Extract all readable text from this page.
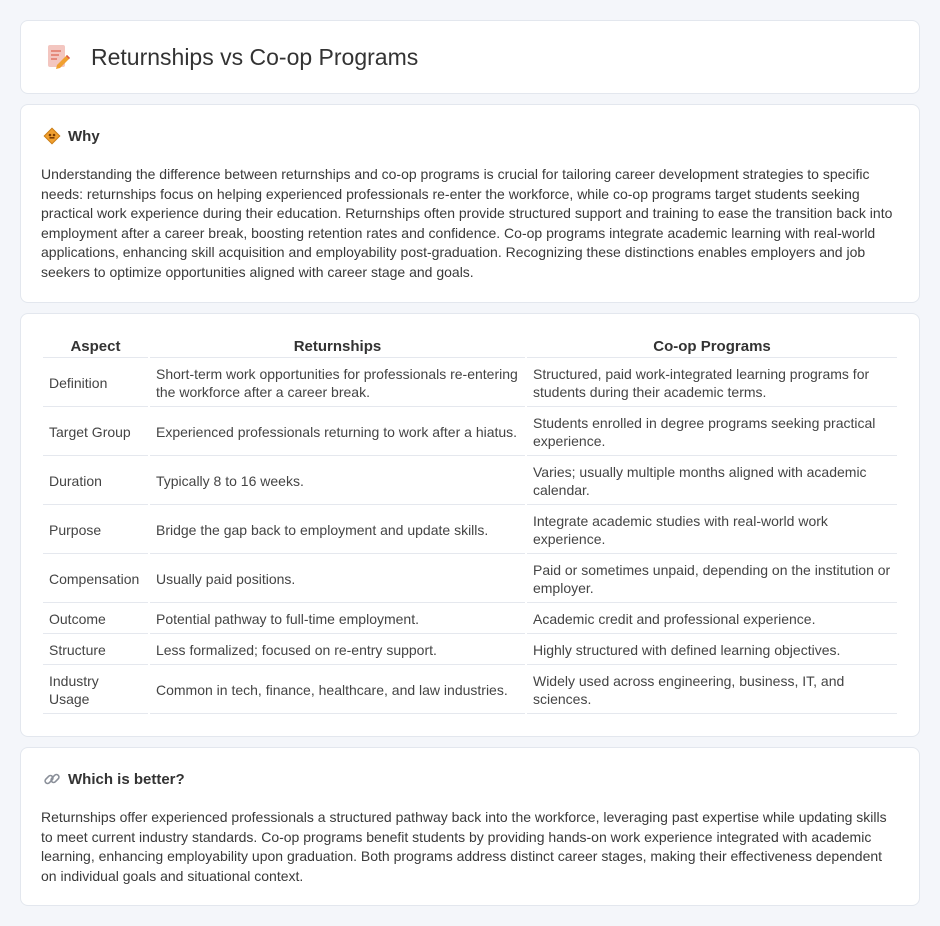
Returnships vs Co-op Programs
Why

Understanding the difference between returnships and co-op programs is crucial for tailoring career development strategies to specific needs: returnships focus on helping experienced professionals re-enter the workforce, while co-op programs target students seeking practical work experience during their education. Returnships often provide structured support and training to ease the transition back into employment after a career break, boosting retention rates and confidence. Co-op programs integrate academic learning with real-world applications, enhancing skill acquisition and employability post-graduation. Recognizing these distinctions enables employers and job seekers to optimize opportunities aligned with career stage and goals.

Aspect	Returnships	Co-op Programs
Definition	Short-term work opportunities for professionals re-entering the workforce after a career break.	Structured, paid work-integrated learning programs for students during their academic terms.
Target Group	Experienced professionals returning to work after a hiatus.	Students enrolled in degree programs seeking practical experience.
Duration	Typically 8 to 16 weeks.	Varies; usually multiple months aligned with academic calendar.
Purpose	Bridge the gap back to employment and update skills.	Integrate academic studies with real-world work experience.
Compensation	Usually paid positions.	Paid or sometimes unpaid, depending on the institution or employer.
Outcome	Potential pathway to full-time employment.	Academic credit and professional experience.
Structure	Less formalized; focused on re-entry support.	Highly structured with defined learning objectives.
Industry Usage	Common in tech, finance, healthcare, and law industries.	Widely used across engineering, business, IT, and sciences.
Which is better?

Returnships offer experienced professionals a structured pathway back into the workforce, leveraging past expertise while updating skills to meet current industry standards. Co-op programs benefit students by providing hands-on work experience integrated with academic learning, enhancing employability upon graduation. Both programs address distinct career stages, making their effectiveness dependent on individual goals and situational context.
